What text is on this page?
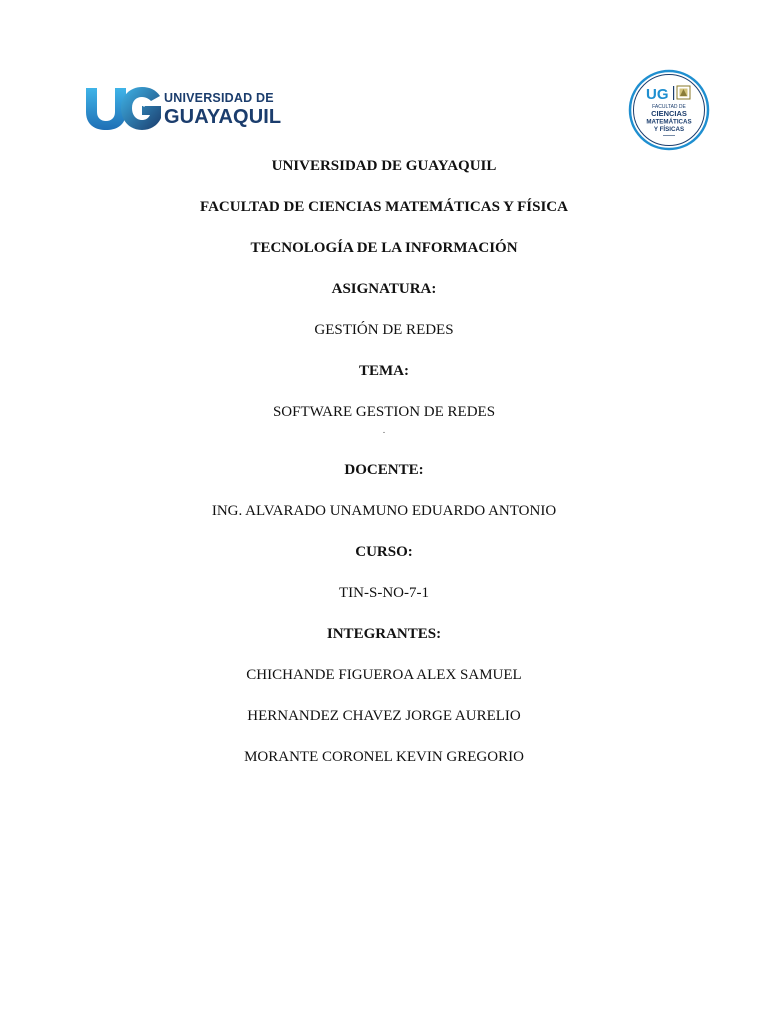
UNIVERSIDAD DE
GUAYAQUIL
UG
FACULTAD DE
CIENCIAS
MATEMÁTICAS
Y FÍSICAS
UNIVERSIDAD DE GUAYAQUIL
FACULTAD DE CIENCIAS MATEMÁTICAS Y FÍSICA
TECNOLOGÍA DE LA INFORMACIÓN
ASIGNATURA:
GESTIÓN DE REDES
TEMA:
SOFTWARE GESTION DE REDES
.
DOCENTE:
ING. ALVARADO UNAMUNO EDUARDO ANTONIO
CURSO:
TIN-S-NO-7-1
INTEGRANTES:
CHICHANDE FIGUEROA ALEX SAMUEL
HERNANDEZ CHAVEZ JORGE AURELIO
MORANTE CORONEL KEVIN GREGORIO
